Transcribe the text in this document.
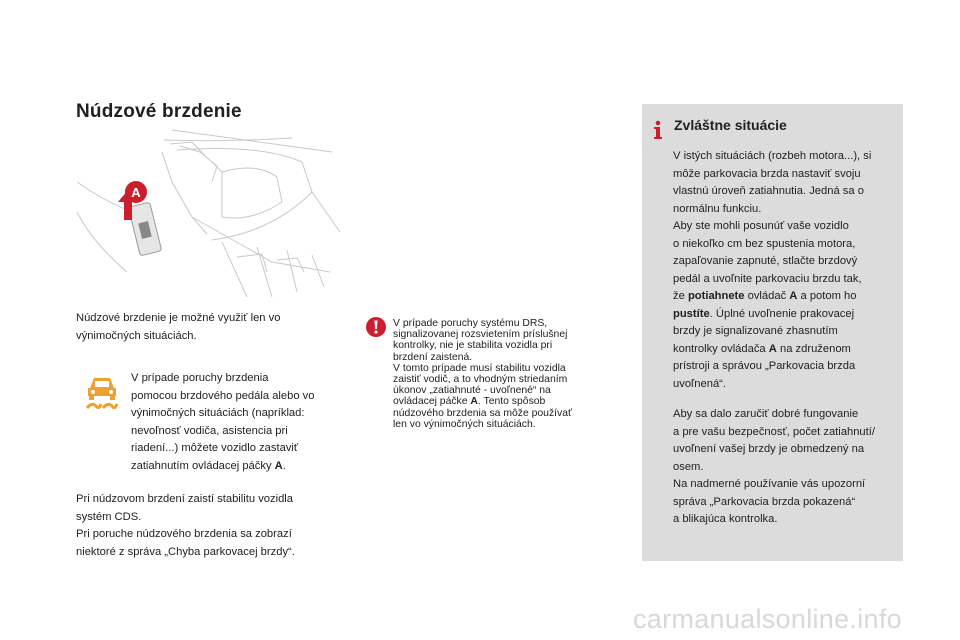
Núdzové brzdenie
A
Núdzové brzdenie je možné využiť len vo
výnimočných situáciách.
V prípade poruchy brzdenia
pomocou brzdového pedála alebo vo
výnimočných situáciách (napríklad:
nevoľnosť vodiča, asistencia pri
riadení...) môžete vozidlo zastaviť
zatiahnutím ovládacej páčky A.
Pri núdzovom brzdení zaistí stabilitu vozidla
systém CDS.
Pri poruche núdzového brzdenia sa zobrazí
niektoré z správa „Chyba parkovacej brzdy“.
V prípade poruchy systému DRS,
signalizovanej rozsvietením príslušnej
kontrolky, nie je stabilita vozidla pri
brzdení zaistená.
V tomto prípade musí stabilitu vozidla
zaistiť vodič, a to vhodným striedaním
úkonov „zatiahnuté - uvoľnené“ na
ovládacej páčke A. Tento spôsob
núdzového brzdenia sa môže používať
len vo výnimočných situáciách.
Zvláštne situácie
V istých situáciách (rozbeh motora...), si
môže parkovacia brzda nastaviť svoju
vlastnú úroveň zatiahnutia. Jedná sa o
normálnu funkciu.
Aby ste mohli posunúť vaše vozidlo
o niekoľko cm bez spustenia motora,
zapaľovanie zapnuté, stlačte brzdový
pedál a uvoľnite parkovaciu brzdu tak,
že potiahnete ovládač A a potom ho
pustíte. Úplné uvoľnenie prakovacej
brzdy je signalizované zhasnutím
kontrolky ovládača A na združenom
prístroji a správou „Parkovacia brzda
uvoľnená“.
Aby sa dalo zaručiť dobré fungovanie
a pre vašu bezpečnosť, počet zatiahnutí/
uvoľnení vašej brzdy je obmedzený na
osem.
Na nadmerné používanie vás upozorní
správa „Parkovacia brzda pokazená“
a blikajúca kontrolka.
carmanualsonline.info
